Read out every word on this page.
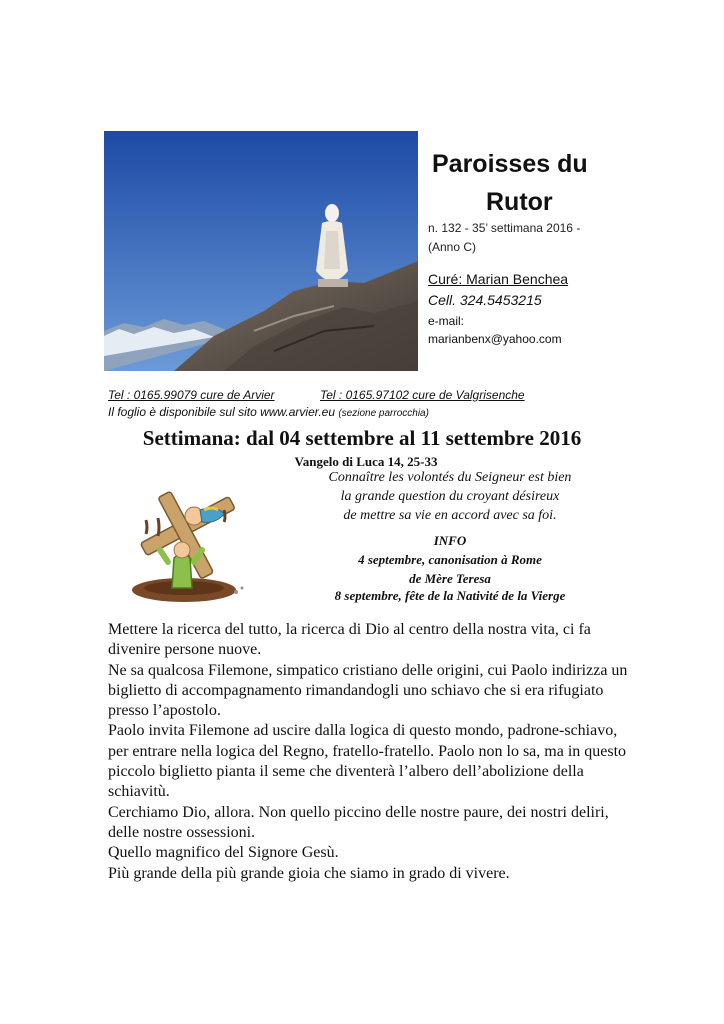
Paroisses du
Rutor
n. 132 - 35’ settimana 2016 -
(Anno C)
Curé: Marian Benchea
Cell. 324.5453215
e-mail:
marianbenx@yahoo.com
Tel : 0165.99079 cure de Arvier	Tel : 0165.97102 cure de Valgrisenche
Il foglio è disponibile sul sito www.arvier.eu (sezione parrocchia)
Settimana: dal 04 settembre al 11 settembre 2016
Vangelo di Luca 14, 25-33
Connaître les volontés du Seigneur est bien
la grande question du croyant désireux
de mettre sa vie en accord avec sa foi.
INFO
4 septembre, canonisation à Rome
de Mère Teresa
8 septembre, fête de la Nativité de la Vierge

Mettere la ricerca del tutto, la ricerca di Dio al centro della nostra vita, ci fa divenire persone nuove.

Ne sa qualcosa Filemone, simpatico cristiano delle origini, cui Paolo indirizza un biglietto di accompagnamento rimandandogli uno schiavo che si era rifugiato presso l’apostolo.

Paolo invita Filemone ad uscire dalla logica di questo mondo, padrone-schiavo, per entrare nella logica del Regno, fratello-fratello. Paolo non lo sa, ma in questo piccolo biglietto pianta il seme che diventerà l’albero dell’abolizione della schiavitù.

Cerchiamo Dio, allora. Non quello piccino delle nostre paure, dei nostri deliri, delle nostre ossessioni.

Quello magnifico del Signore Gesù.

Più grande della più grande gioia che siamo in grado di vivere.
